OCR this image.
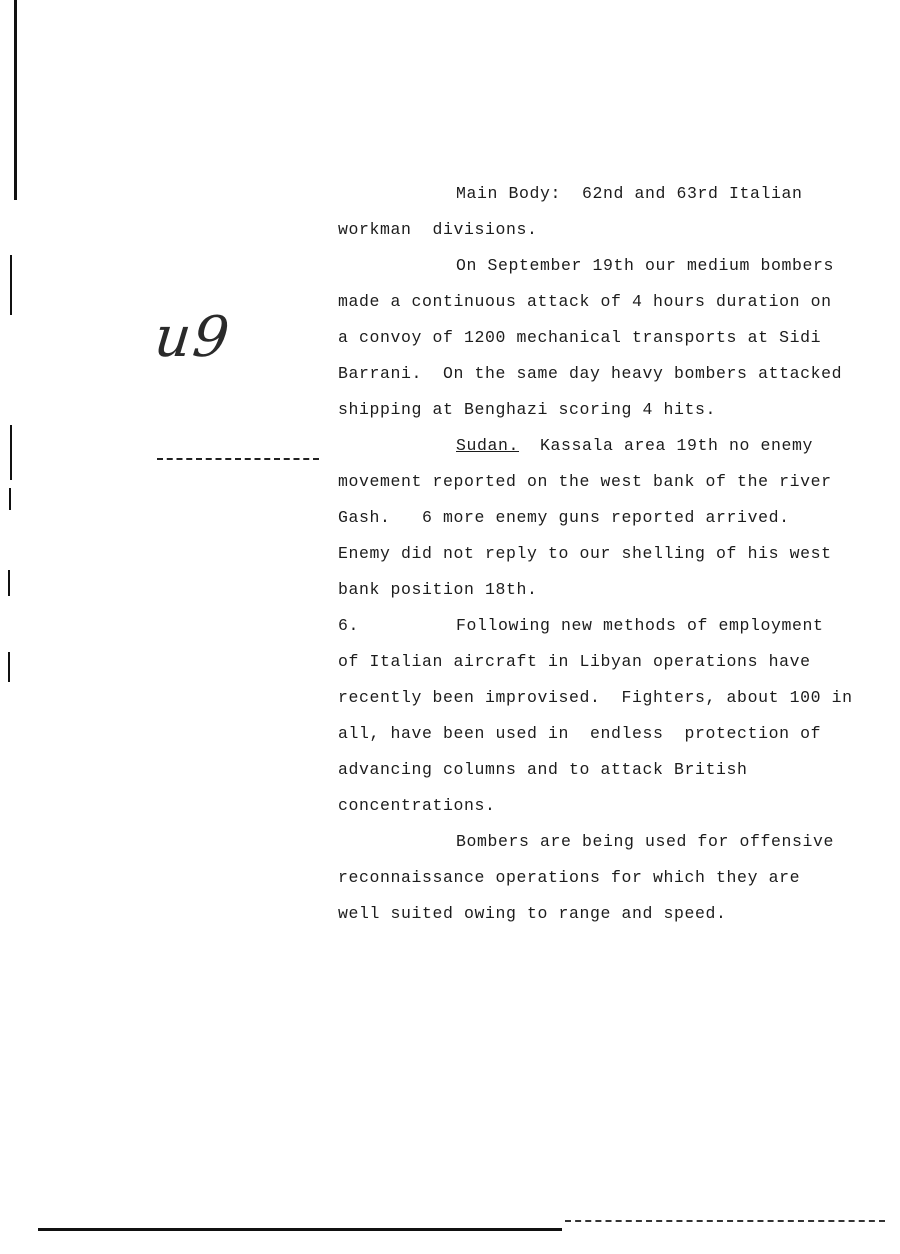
u9
Main Body:  62nd and 63rd Italian
workman  divisions.
On September 19th our medium bombers
made a continuous attack of 4 hours duration on
a convoy of 1200 mechanical transports at Sidi
Barrani.  On the same day heavy bombers attacked
shipping at Benghazi scoring 4 hits.
Sudan.  Kassala area 19th no enemy
movement reported on the west bank of the river
Gash.   6 more enemy guns reported arrived.
Enemy did not reply to our shelling of his west
bank position 18th.
6.	Following new methods of employment
of Italian aircraft in Libyan operations have
recently been improvised.  Fighters, about 100 in
all, have been used in  endless  protection of
advancing columns and to attack British
concentrations.
Bombers are being used for offensive
reconnaissance operations for which they are
well suited owing to range and speed.
